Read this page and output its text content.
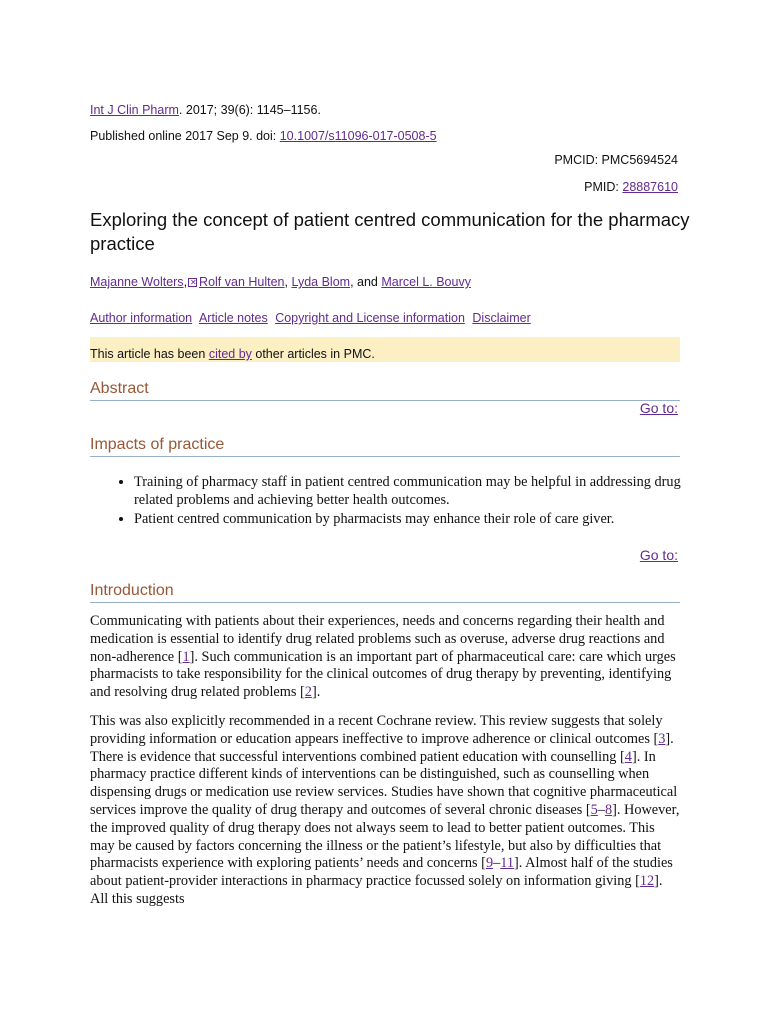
Int J Clin Pharm. 2017; 39(6): 1145–1156.
Published online 2017 Sep 9. doi: 10.1007/s11096-017-0508-5
PMCID: PMC5694524
PMID: 28887610
Exploring the concept of patient centred communication for the pharmacy practice
Majanne Wolters, ✕ Rolf van Hulten, Lyda Blom, and Marcel L. Bouvy
Author information Article notes Copyright and License information Disclaimer
This article has been cited by other articles in PMC.
Abstract
Go to:
Impacts of practice
• Training of pharmacy staff in patient centred communication may be helpful in addressing drug related problems and achieving better health outcomes.
• Patient centred communication by pharmacists may enhance their role of care giver.
Go to:
Introduction

Communicating with patients about their experiences, needs and concerns regarding their health and medication is essential to identify drug related problems such as overuse, adverse drug reactions and non-adherence [1]. Such communication is an important part of pharmaceutical care: care which urges pharmacists to take responsibility for the clinical outcomes of drug therapy by preventing, identifying and resolving drug related problems [2].

This was also explicitly recommended in a recent Cochrane review. This review suggests that solely providing information or education appears ineffective to improve adherence or clinical outcomes [3]. There is evidence that successful interventions combined patient education with counselling [4]. In pharmacy practice different kinds of interventions can be distinguished, such as counselling when dispensing drugs or medication use review services. Studies have shown that cognitive pharmaceutical services improve the quality of drug therapy and outcomes of several chronic diseases [5–8]. However, the improved quality of drug therapy does not always seem to lead to better patient outcomes. This may be caused by factors concerning the illness or the patient’s lifestyle, but also by difficulties that pharmacists experience with exploring patients’ needs and concerns [9–11]. Almost half of the studies about patient-provider interactions in pharmacy practice focussed solely on information giving [12]. All this suggests
